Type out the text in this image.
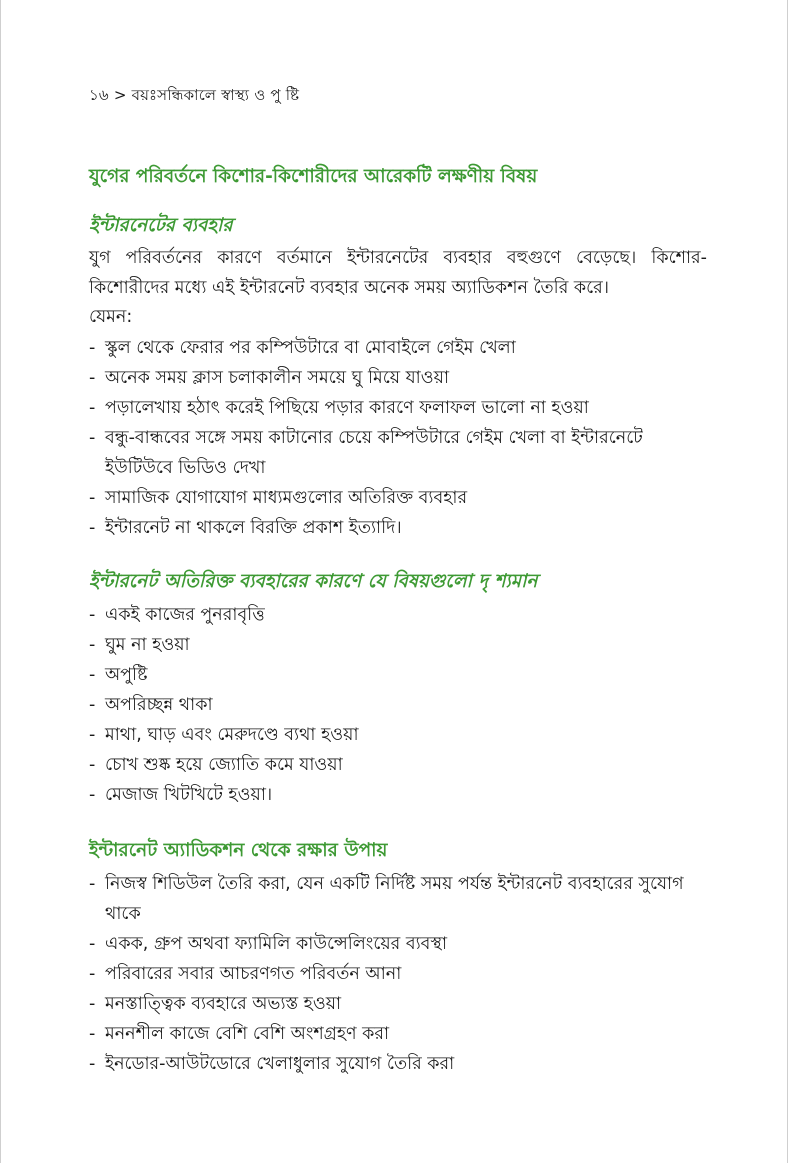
১৬ > বয়ঃসন্ধিকালে স্বাস্থ্য ও পু ষ্টি
যুগের পরিবর্তনে কিশোর-কিশোরীদের আরেকটি লক্ষণীয় বিষয়
ইন্টারনেটের ব্যবহার
যুগ পরিবর্তনের কারণে বর্তমানে ইন্টারনেটের ব্যবহার বহুগুণে বেড়েছে। কিশোর- কিশোরীদের মধ্যে এই ইন্টারনেট ব্যবহার অনেক সময় অ্যাডিকশন তৈরি করে।
যেমন:
- স্কুল থেকে ফেরার পর কম্পিউটারে বা মোবাইলে গেইম খেলা
- অনেক সময় ক্লাস চলাকালীন সময়ে ঘু মিয়ে যাওয়া
- পড়ালেখায় হঠাৎ করেই পিছিয়ে পড়ার কারণে ফলাফল ভালো না হওয়া
- বন্ধু-বান্ধবের সঙ্গে সময় কাটানোর চেয়ে কম্পিউটারে গেইম খেলা বা ইন্টারনেটে ইউটিউবে ভিডিও দেখা
- সামাজিক যোগাযোগ মাধ্যমগুলোর অতিরিক্ত ব্যবহার
- ইন্টারনেট না থাকলে বিরক্তি প্রকাশ ইত্যাদি।
ইন্টারনেট অতিরিক্ত ব্যবহারের কারণে যে বিষয়গুলো দৃ শ্যমান
- একই কাজের পুনরাবৃত্তি
- ঘুম না হওয়া
- অপুষ্টি
- অপরিচ্ছন্ন থাকা
- মাথা, ঘাড় এবং মেরুদণ্ডে ব্যথা হওয়া
- চোখ শুষ্ক হয়ে জ্যোতি কমে যাওয়া
- মেজাজ খিটখিটে হওয়া।
ইন্টারনেট অ্যাডিকশন থেকে রক্ষার উপায়
- নিজস্ব শিডিউল তৈরি করা, যেন একটি নির্দিষ্ট সময় পর্যন্ত ইন্টারনেট ব্যবহারের সুযোগ থাকে
- একক, গ্রুপ অথবা ফ্যামিলি কাউন্সেলিংয়ের ব্যবস্থা
- পরিবারের সবার আচরণগত পরিবর্তন আনা
- মনস্তাত্ত্বিক ব্যবহারে অভ্যস্ত হওয়া
- মননশীল কাজে বেশি বেশি অংশগ্রহণ করা
- ইনডোর-আউটডোরে খেলাধুলার সুযোগ তৈরি করা
